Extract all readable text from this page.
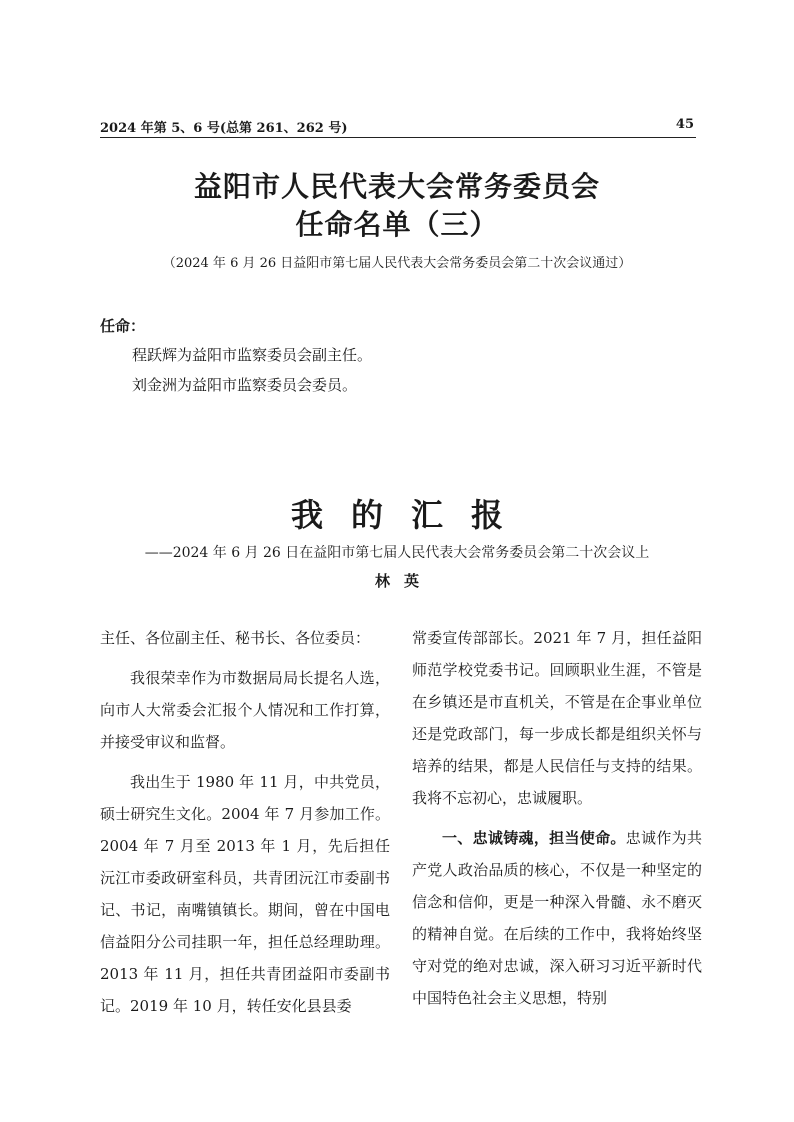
2024 年第 5、6 号(总第 261、262 号)	45
益阳市人民代表大会常务委员会
任命名单（三）
（2024 年 6 月 26 日益阳市第七届人民代表大会常务委员会第二十次会议通过）
任命：
程跃辉为益阳市监察委员会副主任。
刘金洲为益阳市监察委员会委员。
我的汇报
——2024 年 6 月 26 日在益阳市第七届人民代表大会常务委员会第二十次会议上
林英

主任、各位副主任、秘书长、各位委员：

我很荣幸作为市数据局局长提名人选，向市人大常委会汇报个人情况和工作打算，并接受审议和监督。

我出生于 1980 年 11 月，中共党员，硕士研究生文化。2004 年 7 月参加工作。2004 年 7 月至 2013 年 1 月，先后担任沅江市委政研室科员，共青团沅江市委副书记、书记，南嘴镇镇长。期间，曾在中国电信益阳分公司挂职一年，担任总经理助理。2013 年 11 月，担任共青团益阳市委副书记。2019 年 10 月，转任安化县县委

常委宣传部部长。2021 年 7 月，担任益阳师范学校党委书记。回顾职业生涯，不管是在乡镇还是市直机关，不管是在企事业单位还是党政部门，每一步成长都是组织关怀与培养的结果，都是人民信任与支持的结果。我将不忘初心，忠诚履职。

一、忠诚铸魂，担当使命。忠诚作为共产党人政治品质的核心，不仅是一种坚定的信念和信仰，更是一种深入骨髓、永不磨灭的精神自觉。在后续的工作中，我将始终坚守对党的绝对忠诚，深入研习习近平新时代中国特色社会主义思想，特别
